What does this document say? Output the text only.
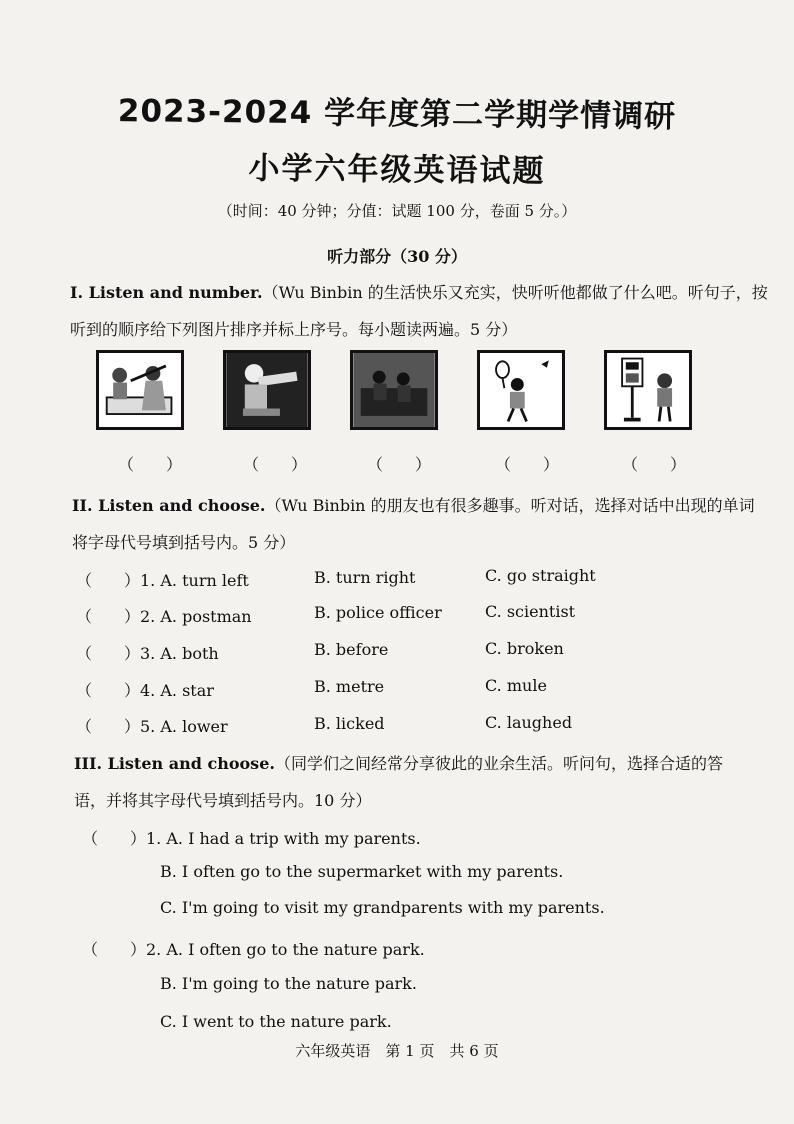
2023-2024 学年度第二学期学情调研
小学六年级英语试题
（时间：40 分钟；分值：试题 100 分，卷面 5 分。）
听力部分（30 分）
I. Listen and number.（Wu Binbin 的生活快乐又充实，快听听他都做了什么吧。听句子，按
听到的顺序给下列图片排序并标上序号。每小题读两遍。5 分）
（　　）	（　　）	（　　）	（　　）	（　　）
II. Listen and choose.（Wu Binbin 的朋友也有很多趣事。听对话，选择对话中出现的单词
将字母代号填到括号内。5 分）
（　　）1. A. turn left	B. turn right	C. go straight
（　　）2. A. postman	B. police officer	C. scientist
（　　）3. A. both	B. before	C. broken
（　　）4. A. star	B. metre	C. mule
（　　）5. A. lower	B. licked	C. laughed
III. Listen and choose.（同学们之间经常分享彼此的业余生活。听问句，选择合适的答
语，并将其字母代号填到括号内。10 分）
（　　）1. A. I had a trip with my parents.
B. I often go to the supermarket with my parents.
C. I'm going to visit my grandparents with my parents.
（　　）2. A. I often go to the nature park.
B. I'm going to the nature park.
C. I went to the nature park.
六年级英语　第 1 页　共 6 页
